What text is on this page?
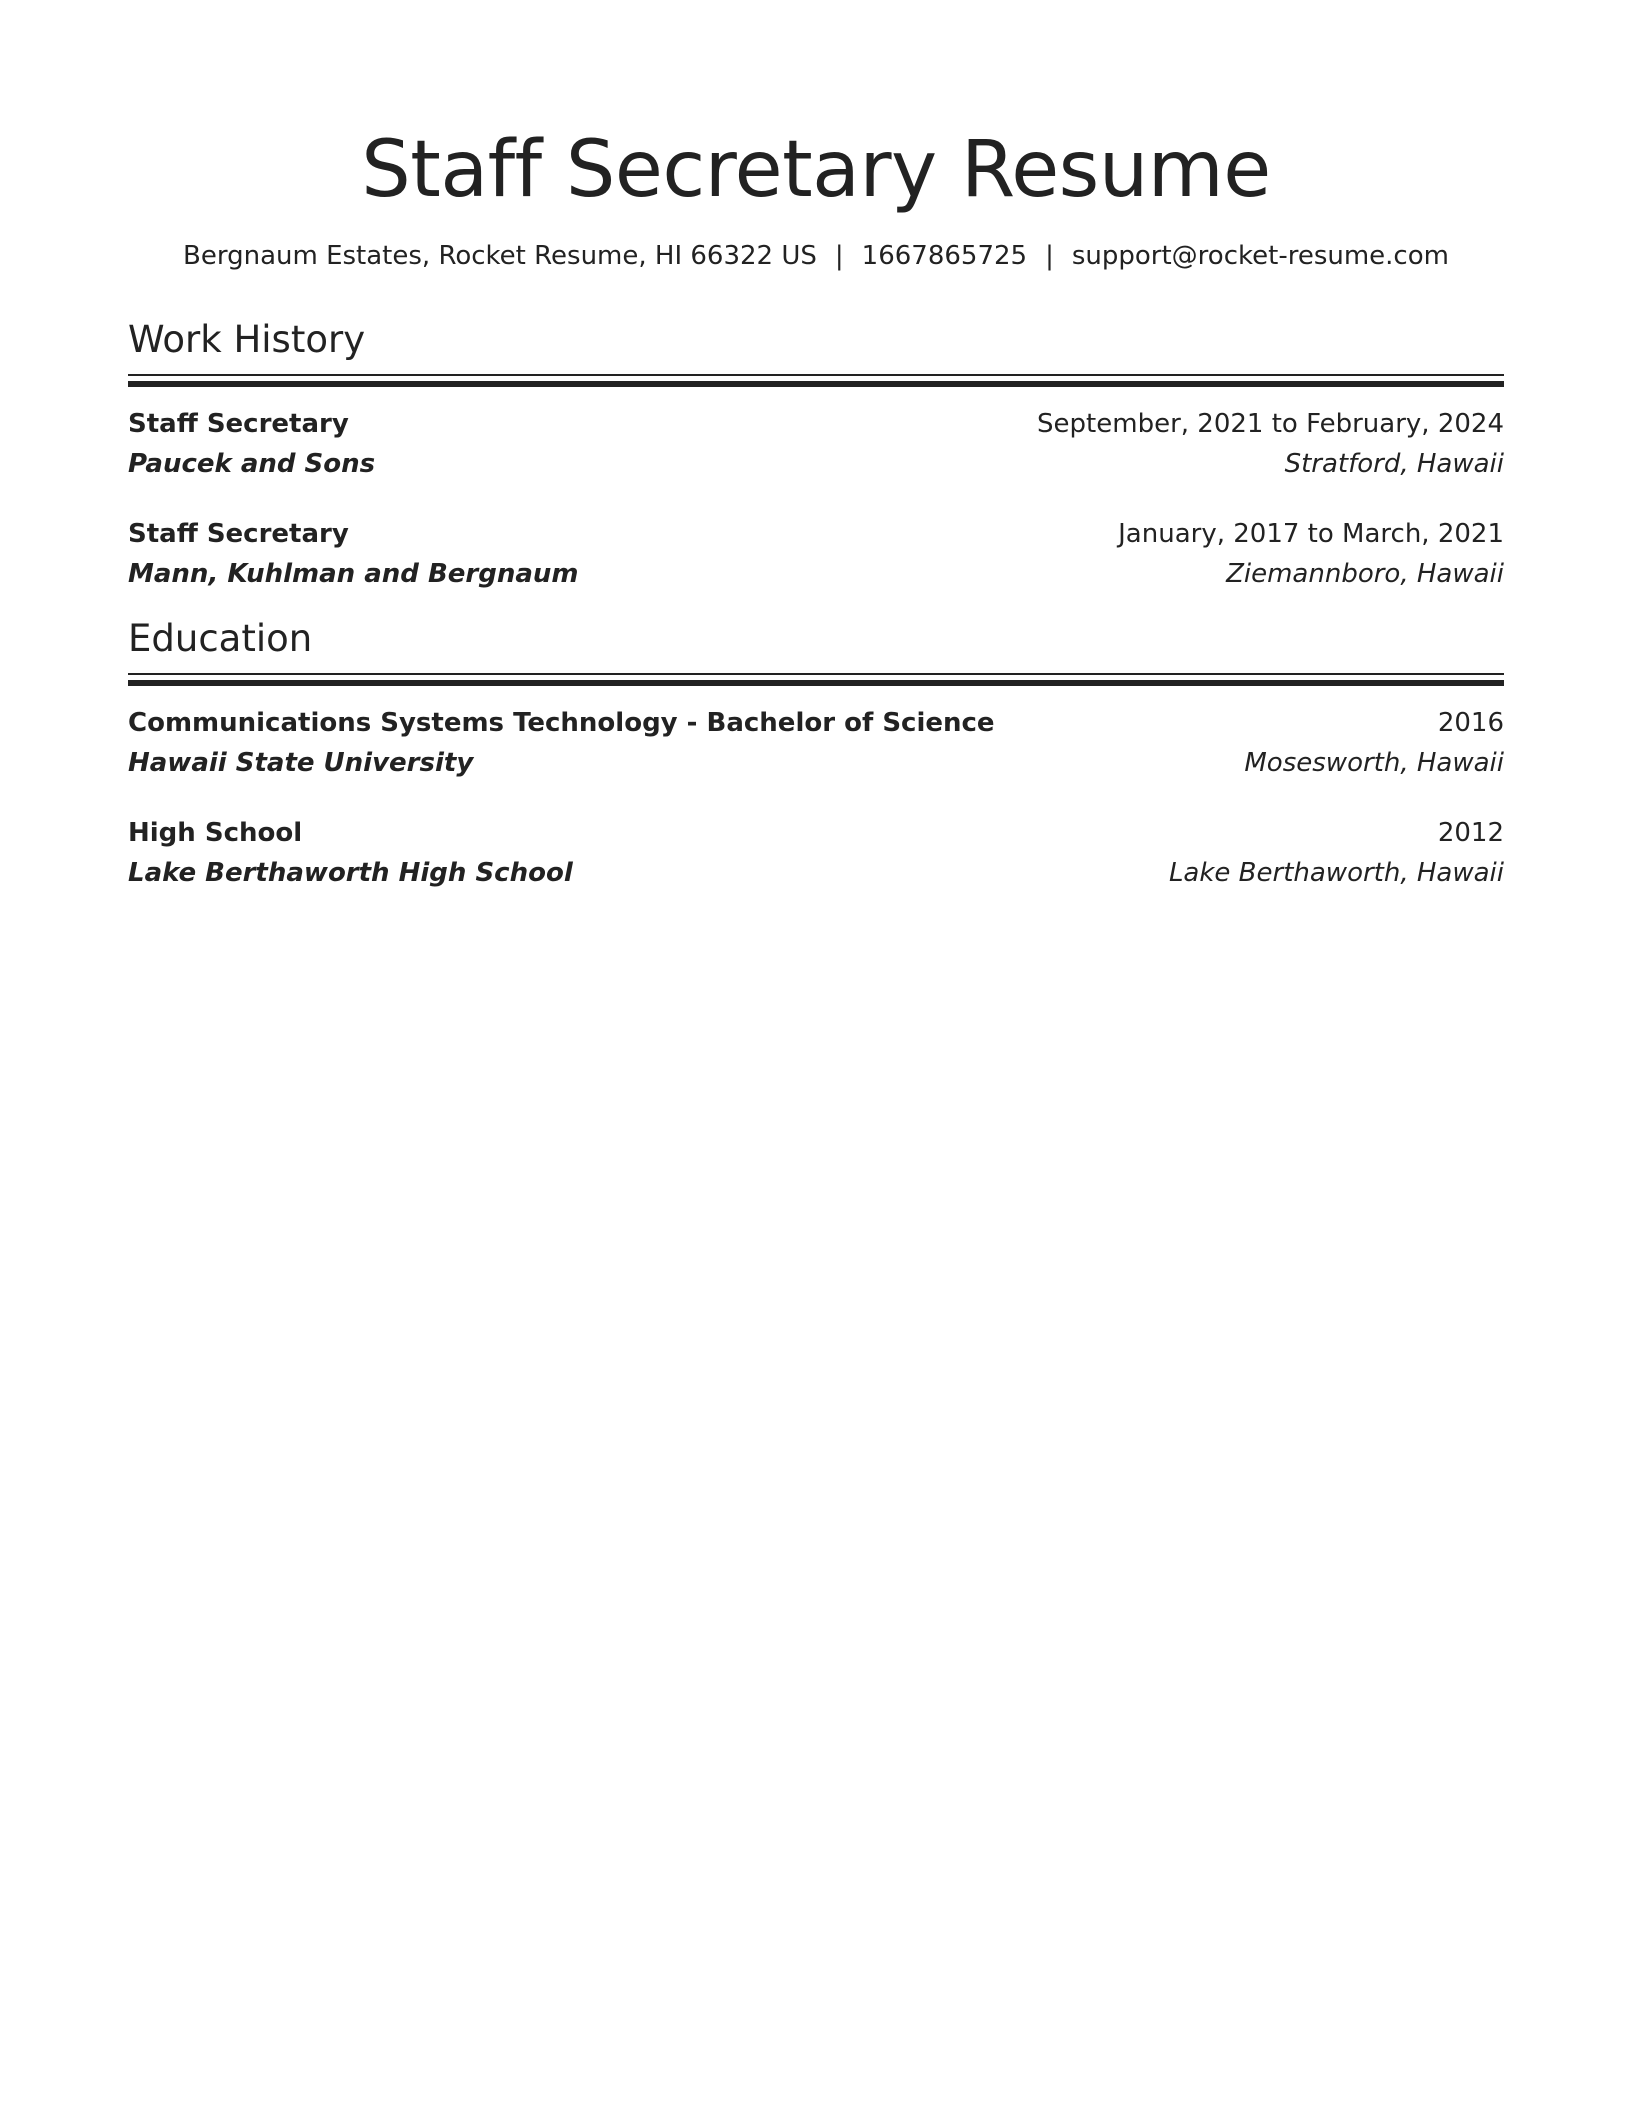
Staff Secretary Resume
Bergnaum Estates, Rocket Resume, HI 66322 US | 1667865725 | support@rocket-resume.com
Work History
Staff Secretary	September, 2021 to February, 2024
Paucek and Sons	Stratford, Hawaii
Staff Secretary	January, 2017 to March, 2021
Mann, Kuhlman and Bergnaum	Ziemannboro, Hawaii
Education
Communications Systems Technology - Bachelor of Science	2016
Hawaii State University	Mosesworth, Hawaii
High School	2012
Lake Berthaworth High School	Lake Berthaworth, Hawaii
